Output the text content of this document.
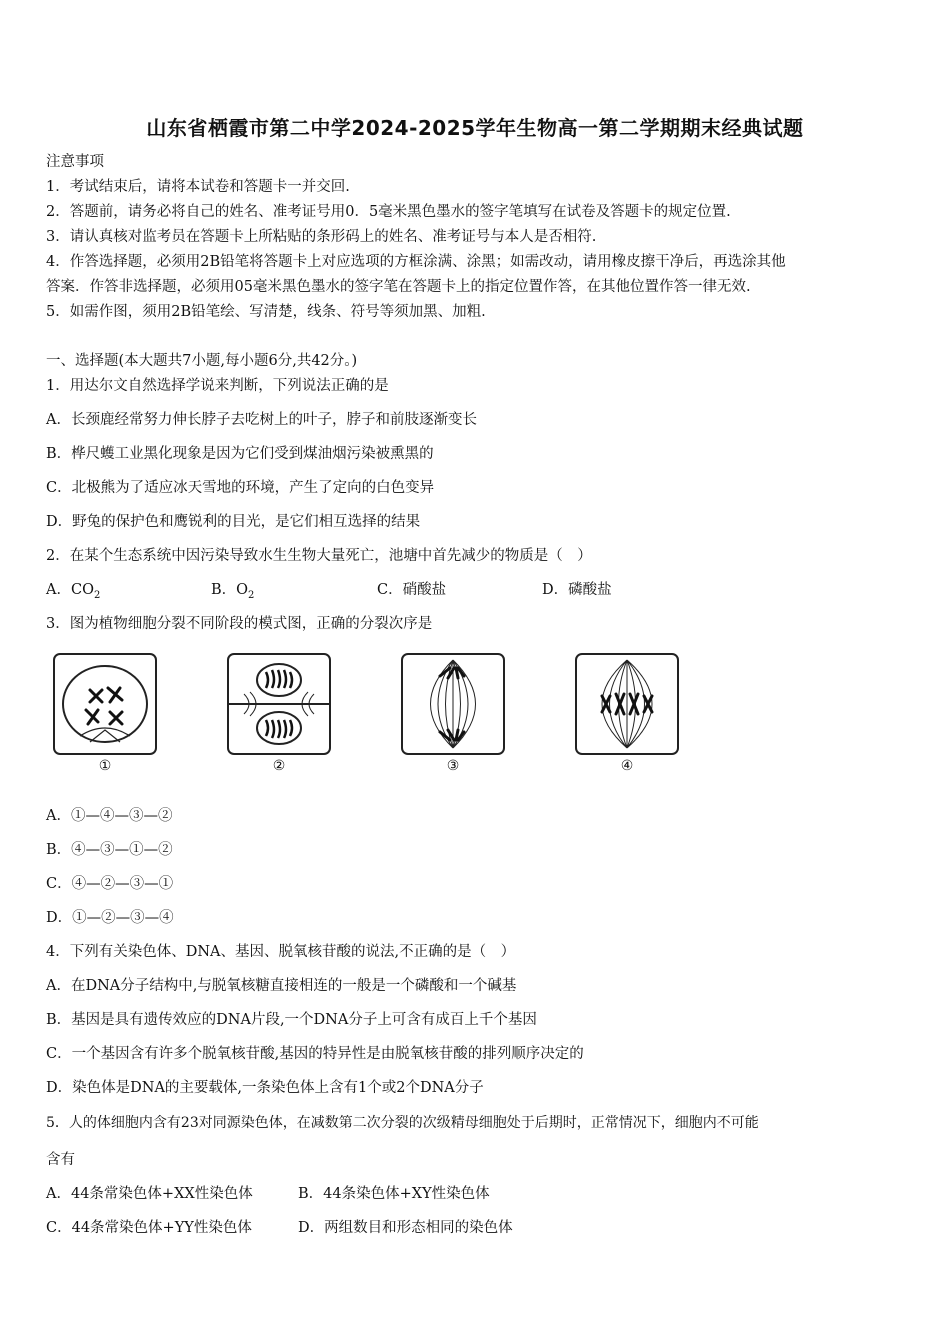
山东省栖霞市第二中学2024-2025学年生物高一第二学期期末经典试题
注意事项
1．考试结束后，请将本试卷和答题卡一并交回.
2．答题前，请务必将自己的姓名、准考证号用0．5毫米黑色墨水的签字笔填写在试卷及答题卡的规定位置.
3．请认真核对监考员在答题卡上所粘贴的条形码上的姓名、准考证号与本人是否相符.
4．作答选择题，必须用2B铅笔将答题卡上对应选项的方框涂满、涂黑；如需改动，请用橡皮擦干净后，再选涂其他
答案．作答非选择题，必须用05毫米黑色墨水的签字笔在答题卡上的指定位置作答，在其他位置作答一律无效.
5．如需作图，须用2B铅笔绘、写清楚，线条、符号等须加黑、加粗.
一、选择题(本大题共7小题,每小题6分,共42分。)
1．用达尔文自然选择学说来判断，下列说法正确的是
A．长颈鹿经常努力伸长脖子去吃树上的叶子，脖子和前肢逐渐变长
B．桦尺蠖工业黑化现象是因为它们受到煤油烟污染被熏黑的
C．北极熊为了适应冰天雪地的环境，产生了定向的白色变异
D．野兔的保护色和鹰锐利的目光，是它们相互选择的结果
2．在某个生态系统中因污染导致水生生物大量死亡，池塘中首先减少的物质是（　）
A．$CO_2$	B．$O_2$	C．硝酸盐	D．磷酸盐
3．图为植物细胞分裂不同阶段的模式图，正确的分裂次序是
①	②	③	④
A．①—④—③—②
B．④—③—①—②
C．④—②—③—①
D．①—②—③—④
4．下列有关染色体、DNA、基因、脱氧核苷酸的说法,不正确的是（　）
A．在DNA分子结构中,与脱氧核糖直接相连的一般是一个磷酸和一个碱基
B．基因是具有遗传效应的DNA片段,一个DNA分子上可含有成百上千个基因
C．一个基因含有许多个脱氧核苷酸,基因的特异性是由脱氧核苷酸的排列顺序决定的
D．染色体是DNA的主要载体,一条染色体上含有1个或2个DNA分子
5．人的体细胞内含有23对同源染色体，在减数第二次分裂的次级精母细胞处于后期时，正常情况下，细胞内不可能
含有
A．44条常染色体+XX性染色体	B．44条染色体+XY性染色体
C．44条常染色体+YY性染色体	D．两组数目和形态相同的染色体
